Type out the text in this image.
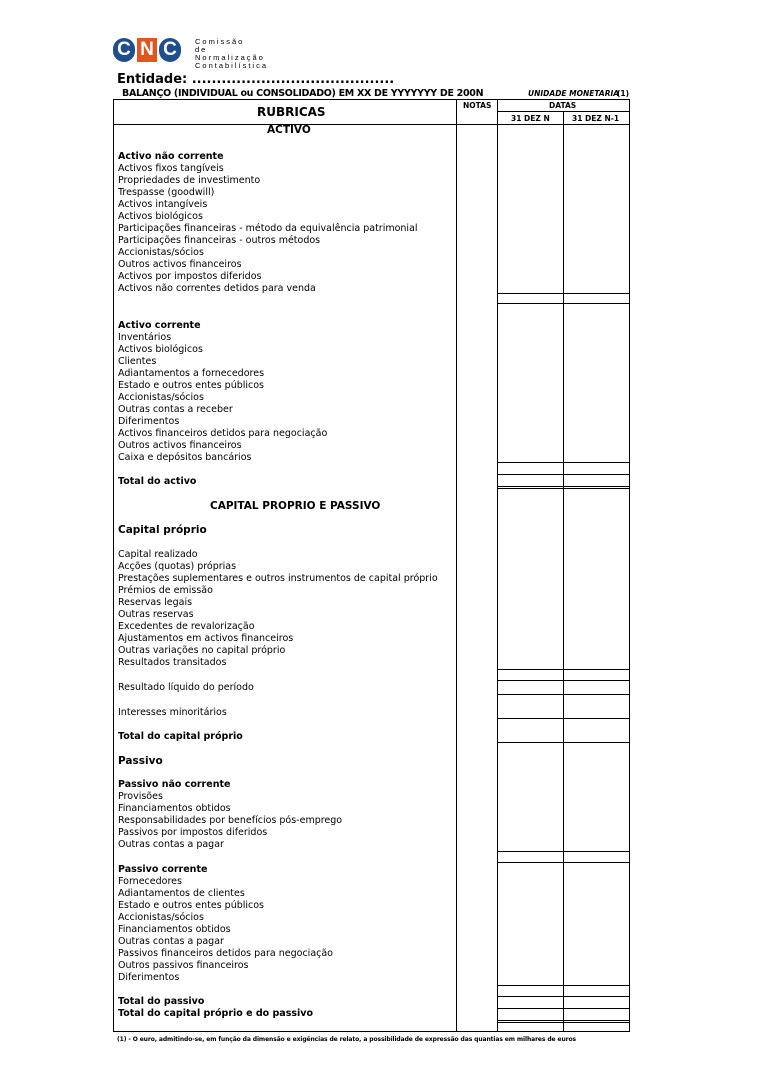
C N C	Comissão
de Normalização
Contabilística
Entidade: .........................................
BALANÇO (INDIVIDUAL ou CONSOLIDADO) EM XX DE YYYYYYY DE 200N	UNIDADE MONETARIA
(1)
RUBRICAS	NOTAS	DATAS
31 DEZ N	31 DEZ N-1
ACTIVO
Activo não corrente
Activos fixos tangíveis
Propriedades de investimento
Trespasse (goodwill)
Activos intangíveis
Activos biológicos
Participações financeiras - método da equivalência patrimonial
Participações financeiras - outros métodos
Accionistas/sócios
Outros activos financeiros
Activos por impostos diferidos
Activos não correntes detidos para venda
Activo corrente
Inventários
Activos biológicos
Clientes
Adiantamentos a fornecedores
Estado e outros entes públicos
Accionistas/sócios
Outras contas a receber
Diferimentos
Activos financeiros detidos para negociação
Outros activos financeiros
Caixa e depósitos bancários
Total do activo
CAPITAL PROPRIO E PASSIVO
Capital próprio
Capital realizado
Acções (quotas) próprias
Prestações suplementares e outros instrumentos de capital próprio
Prémios de emissão
Reservas legais
Outras reservas
Excedentes de revalorização
Ajustamentos em activos financeiros
Outras variações no capital próprio
Resultados transitados
Resultado líquido do período
Interesses minoritários
Total do capital próprio
Passivo
Passivo não corrente
Provisões
Financiamentos obtidos
Responsabilidades por benefícios pós-emprego
Passivos por impostos diferidos
Outras contas a pagar
Passivo corrente
Fornecedores
Adiantamentos de clientes
Estado e outros entes públicos
Accionistas/sócios
Financiamentos obtidos
Outras contas a pagar
Passivos financeiros detidos para negociação
Outros passivos financeiros
Diferimentos
Total do passivo
Total do capital próprio e do passivo
(1) - O euro, admitindo-se, em função da dimensão e exigências de relato, a possibilidade de expressão das quantias em milhares de euros
